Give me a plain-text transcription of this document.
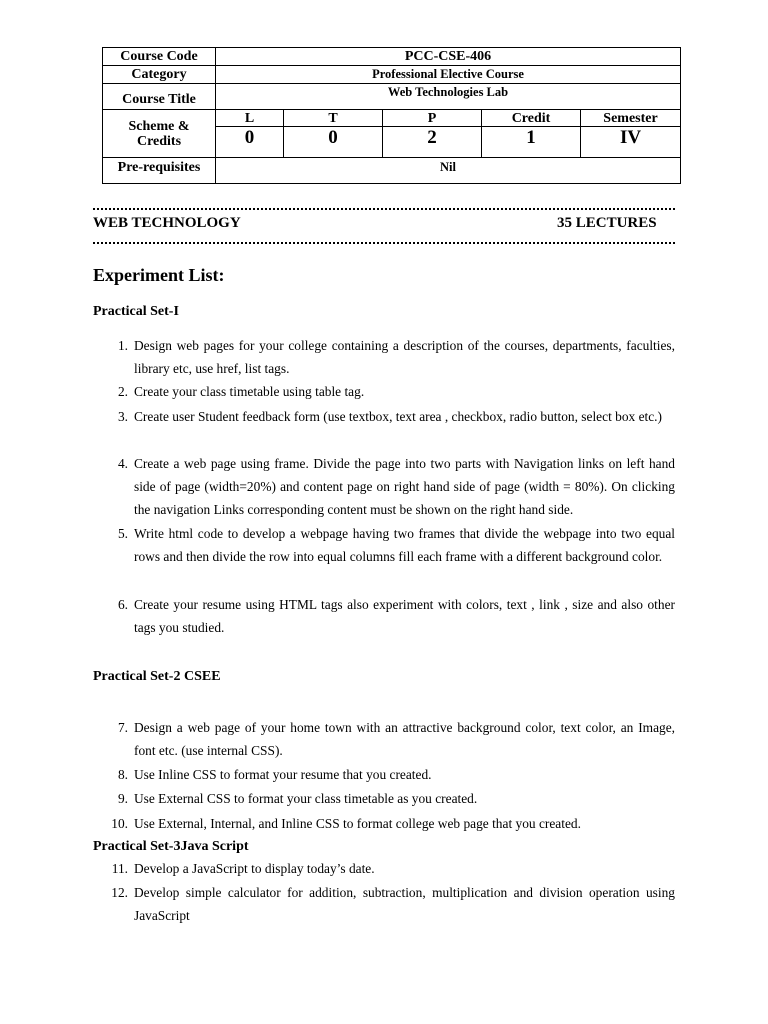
Course Code	PCC-CSE-406				
Category	Professional Elective Course				
Course Title	Web Technologies Lab				
Scheme & Credits	L	T	P	Credit	Semester
	0	0	2	1	IV
Pre-requisites	Nil				
WEB TECHNOLOGY	35 LECTURES
Experiment List:
Practical Set-I
1. Design web pages for your college containing a description of the courses, departments, faculties, library etc, use href, list tags.
2. Create your class timetable using table tag.
3. Create user Student feedback form (use textbox, text area , checkbox, radio button, select box etc.)
4. Create a web page using frame. Divide the page into two parts with Navigation links on left hand side of page (width=20%) and content page on right hand side of page (width = 80%). On clicking the navigation Links corresponding content must be shown on the right hand side.
5. Write html code to develop a webpage having two frames that divide the webpage into two equal rows and then divide the row into equal columns fill each frame with a different background color.
6. Create your resume using HTML tags also experiment with colors, text , link , size and also other tags you studied.
Practical Set-2 CSEE
7. Design a web page of your home town with an attractive background color, text color, an Image, font etc. (use internal CSS).
8. Use Inline CSS to format your resume that you created.
9. Use External CSS to format your class timetable as you created.
10. Use External, Internal, and Inline CSS to format college web page that you created.
Practical Set-3Java Script
11. Develop a JavaScript to display today’s date.
12. Develop simple calculator for addition, subtraction, multiplication and division operation using JavaScript
